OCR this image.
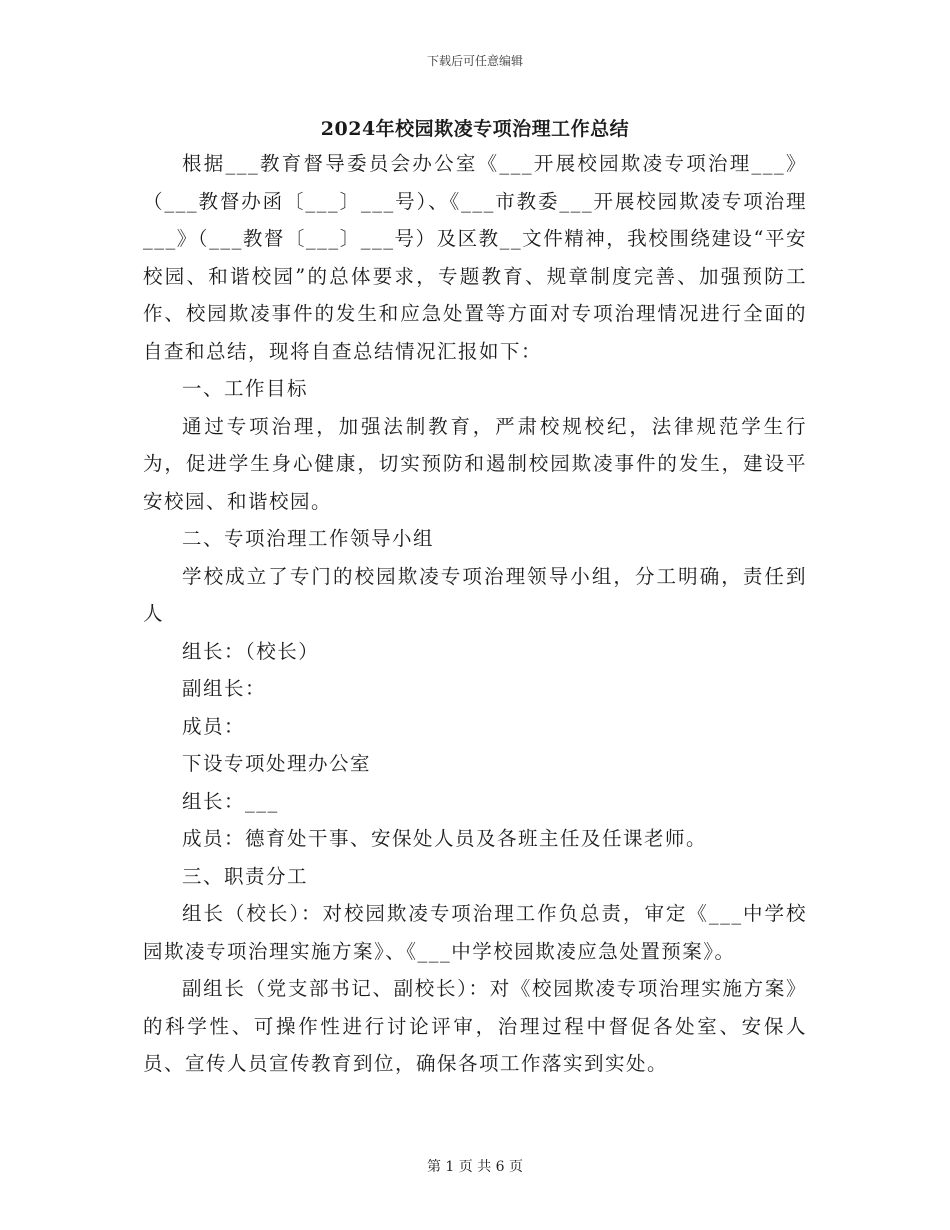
下载后可任意编辑
2024年校园欺凌专项治理工作总结

根据___教育督导委员会办公室《___开展校园欺凌专项治理___》（___教督办函〔___〕___号）、《___市教委___开展校园欺凌专项治理___》（___教督〔___〕___号）及区教__文件精神，我校围绕建设“平安校园、和谐校园”的总体要求，专题教育、规章制度完善、加强预防工作、校园欺凌事件的发生和应急处置等方面对专项治理情况进行全面的自查和总结，现将自查总结情况汇报如下：

一、工作目标

通过专项治理，加强法制教育，严肃校规校纪，法律规范学生行为，促进学生身心健康，切实预防和遏制校园欺凌事件的发生，建设平安校园、和谐校园。

二、专项治理工作领导小组

学校成立了专门的校园欺凌专项治理领导小组，分工明确，责任到人

组长：（校长）

副组长：

成员：

下设专项处理办公室

组长：___

成员：德育处干事、安保处人员及各班主任及任课老师。

三、职责分工

组长（校长）：对校园欺凌专项治理工作负总责，审定《___中学校园欺凌专项治理实施方案》、《___中学校园欺凌应急处置预案》。

副组长（党支部书记、副校长）：对《校园欺凌专项治理实施方案》的科学性、可操作性进行讨论评审，治理过程中督促各处室、安保人员、宣传人员宣传教育到位，确保各项工作落实到实处。

第 1 页 共 6 页
